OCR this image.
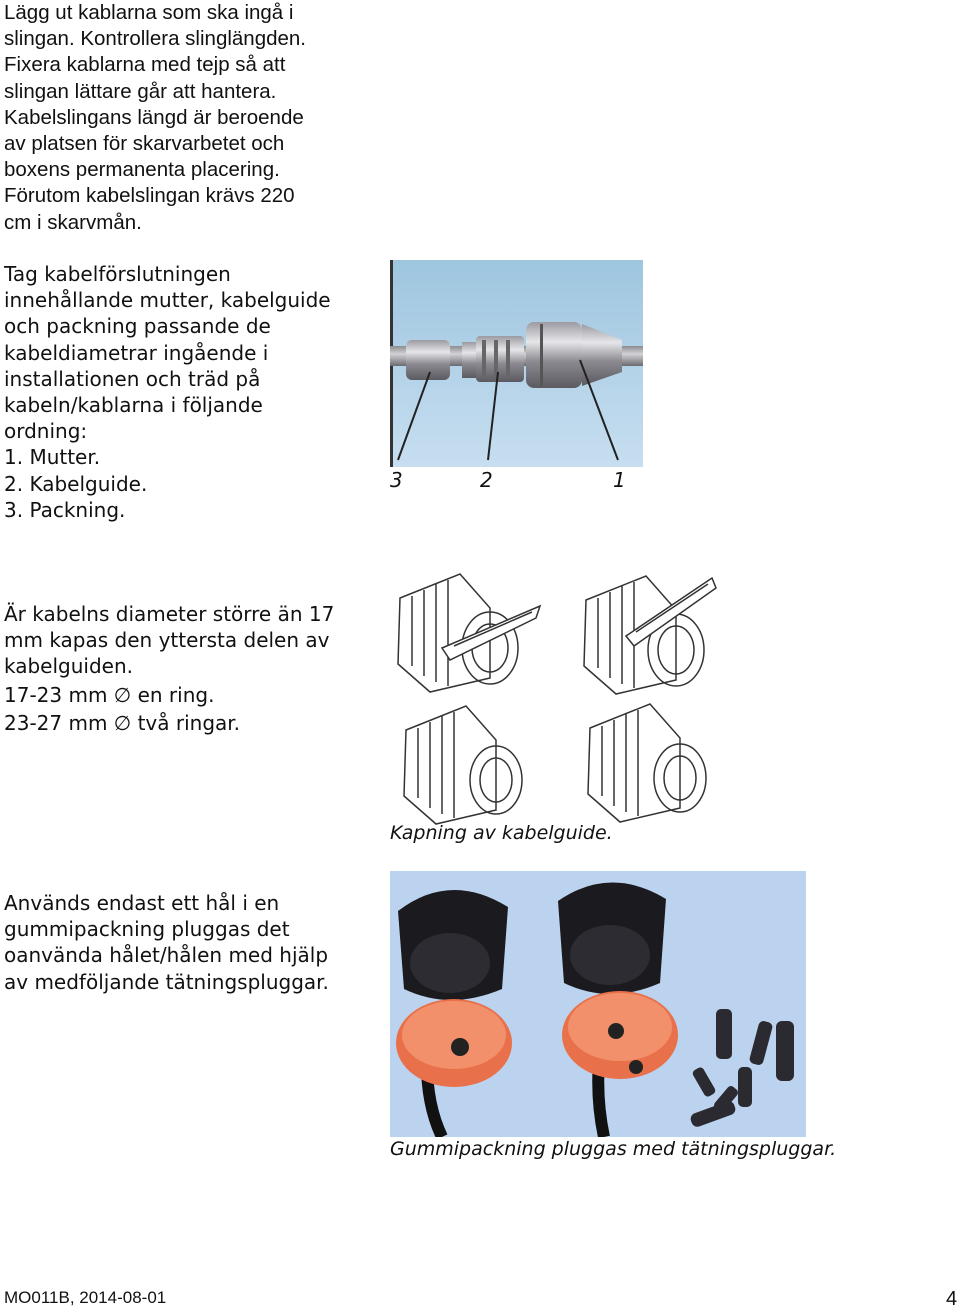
Lägg ut kablarna som ska ingå i
slingan. Kontrollera slinglängden.
Fixera kablarna med tejp så att
slingan lättare går att hantera.
Kabelslingans längd är beroende
av platsen för skarvarbetet och
boxens permanenta placering.
Förutom kabelslingan krävs 220
cm i skarvmån.
Tag kabelförslutningen
innehållande mutter, kabelguide
och packning passande de
kabeldiametrar ingående i
installationen och träd på
kabeln/kablarna i följande
ordning:
1. Mutter.
2. Kabelguide.
3. Packning.
3	2	1
Är kabelns diameter större än 17
mm kapas den yttersta delen av
kabelguiden.
17-23 mm ∅ en ring.
23-27 mm ∅ två ringar.
Kapning av kabelguide.
Används endast ett hål i en
gummipackning pluggas det
oanvända hålet/hålen med hjälp
av medföljande tätningspluggar.
Gummipackning pluggas med tätningspluggar.
MO011B, 2014-08-01	4
